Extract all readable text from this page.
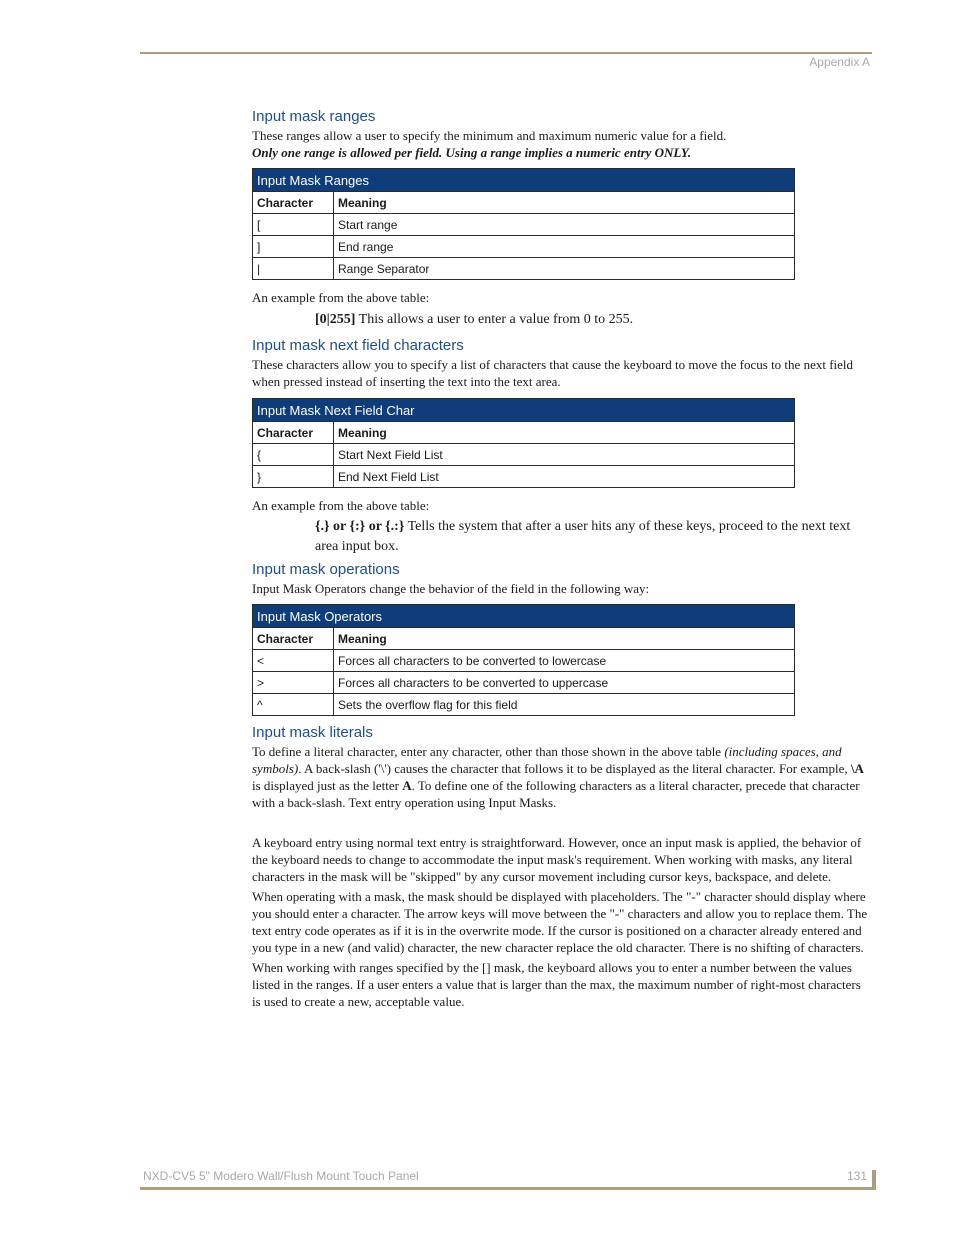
Appendix A
Input mask ranges

These ranges allow a user to specify the minimum and maximum numeric value for a field.

Only one range is allowed per field. Using a range implies a numeric entry ONLY.

Input Mask Ranges	
Character	Meaning
[	Start range
]	End range
|	Range Separator

An example from the above table:

[0|255] This allows a user to enter a value from 0 to 255.

Input mask next field characters

These characters allow you to specify a list of characters that cause the keyboard to move the focus to the next field when pressed instead of inserting the text into the text area.

Input Mask Next Field Char	
Character	Meaning
{	Start Next Field List
}	End Next Field List

An example from the above table:

{.} or {:} or {.:} Tells the system that after a user hits any of these keys, proceed to the next text area input box.

Input mask operations

Input Mask Operators change the behavior of the field in the following way:

Input Mask Operators	
Character	Meaning
<	Forces all characters to be converted to lowercase
>	Forces all characters to be converted to uppercase
^	Sets the overflow flag for this field
Input mask literals

To define a literal character, enter any character, other than those shown in the above table (including spaces, and symbols). A back-slash ('\') causes the character that follows it to be displayed as the literal character. For example, \A is displayed just as the letter A. To define one of the following characters as a literal character, precede that character with a back-slash. Text entry operation using Input Masks.

A keyboard entry using normal text entry is straightforward. However, once an input mask is applied, the behavior of the keyboard needs to change to accommodate the input mask's requirement. When working with masks, any literal characters in the mask will be "skipped" by any cursor movement including cursor keys, backspace, and delete.

When operating with a mask, the mask should be displayed with placeholders. The "-" character should display where you should enter a character. The arrow keys will move between the "-" characters and allow you to replace them. The text entry code operates as if it is in the overwrite mode. If the cursor is positioned on a character already entered and you type in a new (and valid) character, the new character replace the old character. There is no shifting of characters.

When working with ranges specified by the [] mask, the keyboard allows you to enter a number between the values listed in the ranges. If a user enters a value that is larger than the max, the maximum number of right-most characters is used to create a new, acceptable value.

NXD-CV5 5" Modero Wall/Flush Mount Touch Panel	131
